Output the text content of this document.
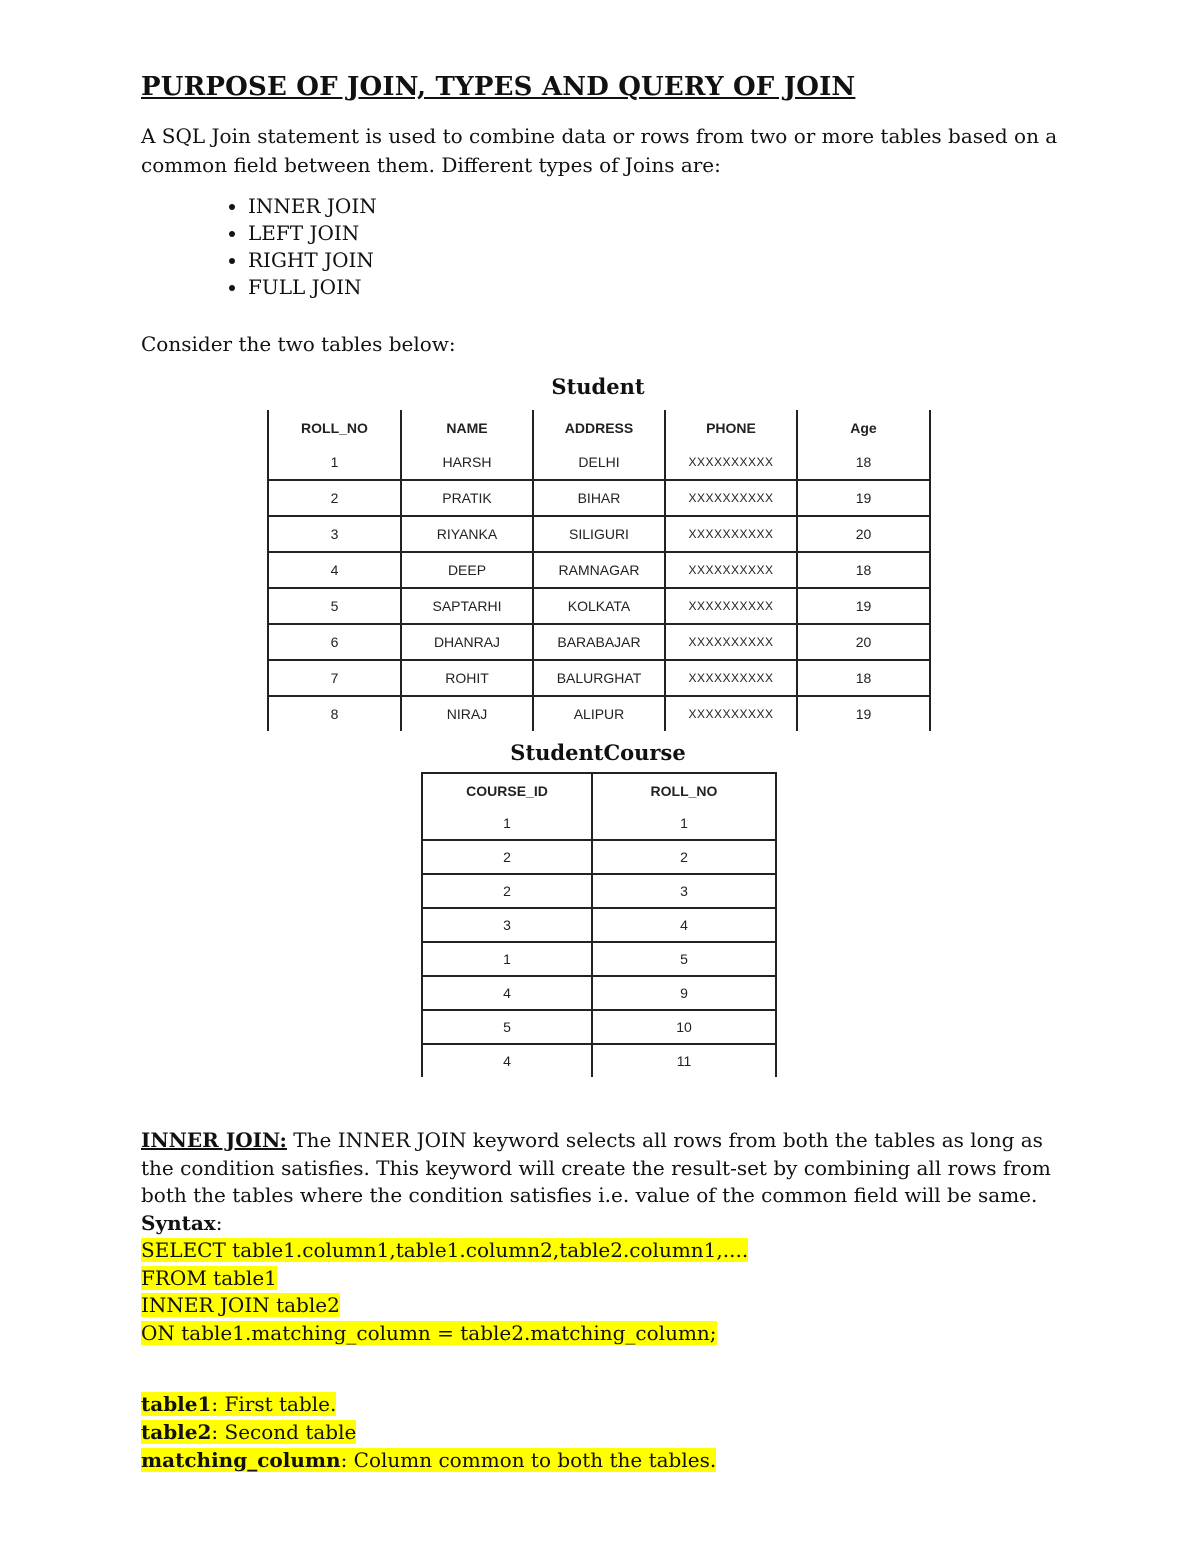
PURPOSE OF JOIN, TYPES AND QUERY OF JOIN

A SQL Join statement is used to combine data or rows from two or more tables based on a common field between them. Different types of Joins are:

• INNER JOIN
• LEFT JOIN
• RIGHT JOIN
• FULL JOIN

Consider the two tables below:

Student
ROLL_NO	NAME	ADDRESS	PHONE	Age
1	HARSH	DELHI	XXXXXXXXXX	18
2	PRATIK	BIHAR	XXXXXXXXXX	19
3	RIYANKA	SILIGURI	XXXXXXXXXX	20
4	DEEP	RAMNAGAR	XXXXXXXXXX	18
5	SAPTARHI	KOLKATA	XXXXXXXXXX	19
6	DHANRAJ	BARABAJAR	XXXXXXXXXX	20
7	ROHIT	BALURGHAT	XXXXXXXXXX	18
8	NIRAJ	ALIPUR	XXXXXXXXXX	19
StudentCourse
COURSE_ID	ROLL_NO
1	1
2	2
2	3
3	4
1	5
4	9
5	10
4	11
INNER JOIN: The INNER JOIN keyword selects all rows from both the tables as long as the condition satisfies. This keyword will create the result-set by combining all rows from both the tables where the condition satisfies i.e. value of the common field will be same.
Syntax:
SELECT table1.column1,table1.column2,table2.column1,....
FROM table1
INNER JOIN table2
ON table1.matching_column = table2.matching_column;
table1: First table.
table2: Second table
matching_column: Column common to both the tables.
